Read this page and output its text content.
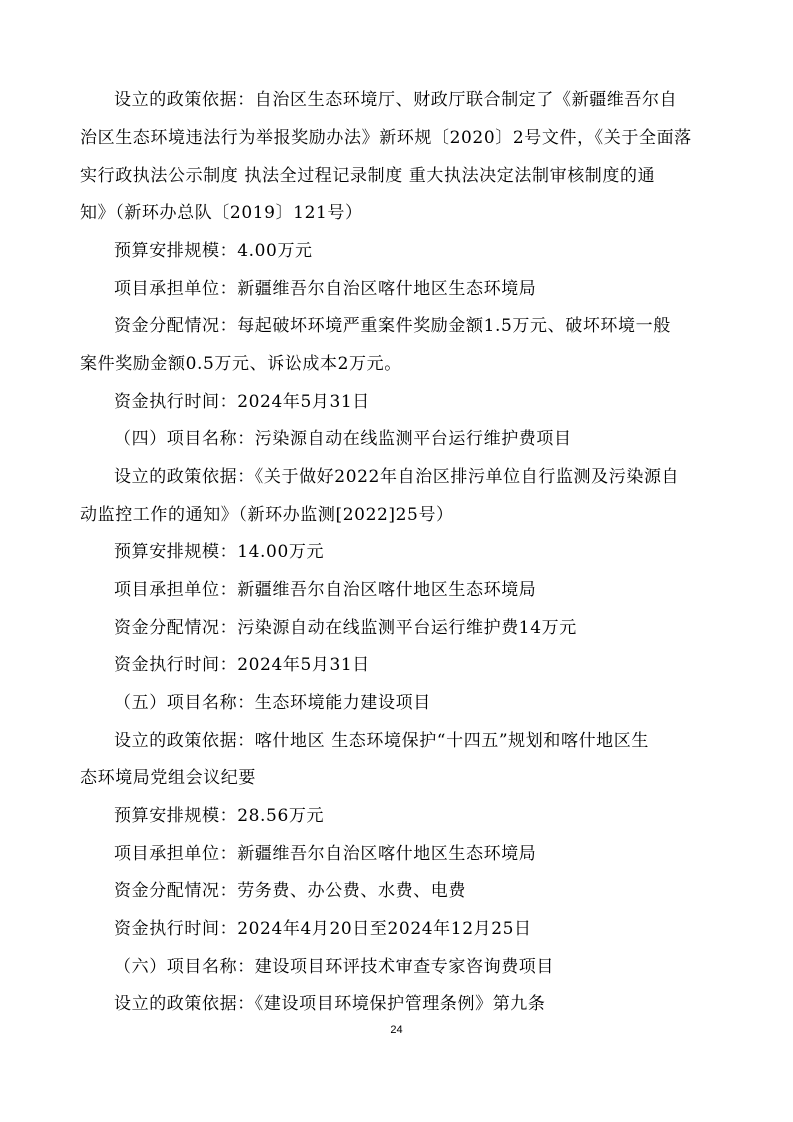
设立的政策依据：自治区生态环境厅、财政厅联合制定了《新疆维吾尔自
治区生态环境违法行为举报奖励办法》新环规〔2020〕2号文件，《关于全面落
实行政执法公示制度 执法全过程记录制度 重大执法决定法制审核制度的通
知》（新环办总队〔2019〕121号）
预算安排规模：4.00万元
项目承担单位：新疆维吾尔自治区喀什地区生态环境局
资金分配情况：每起破坏环境严重案件奖励金额1.5万元、破坏环境一般
案件奖励金额0.5万元、诉讼成本2万元。
资金执行时间：2024年5月31日
（四）项目名称：污染源自动在线监测平台运行维护费项目
设立的政策依据：《关于做好2022年自治区排污单位自行监测及污染源自
动监控工作的通知》（新环办监测[2022]25号）
预算安排规模：14.00万元
项目承担单位：新疆维吾尔自治区喀什地区生态环境局
资金分配情况：污染源自动在线监测平台运行维护费14万元
资金执行时间：2024年5月31日
（五）项目名称：生态环境能力建设项目
设立的政策依据：喀什地区 生态环境保护“十四五”规划和喀什地区生
态环境局党组会议纪要
预算安排规模：28.56万元
项目承担单位：新疆维吾尔自治区喀什地区生态环境局
资金分配情况：劳务费、办公费、水费、电费
资金执行时间：2024年4月20日至2024年12月25日
（六）项目名称：建设项目环评技术审查专家咨询费项目
设立的政策依据：《建设项目环境保护管理条例》第九条
24
